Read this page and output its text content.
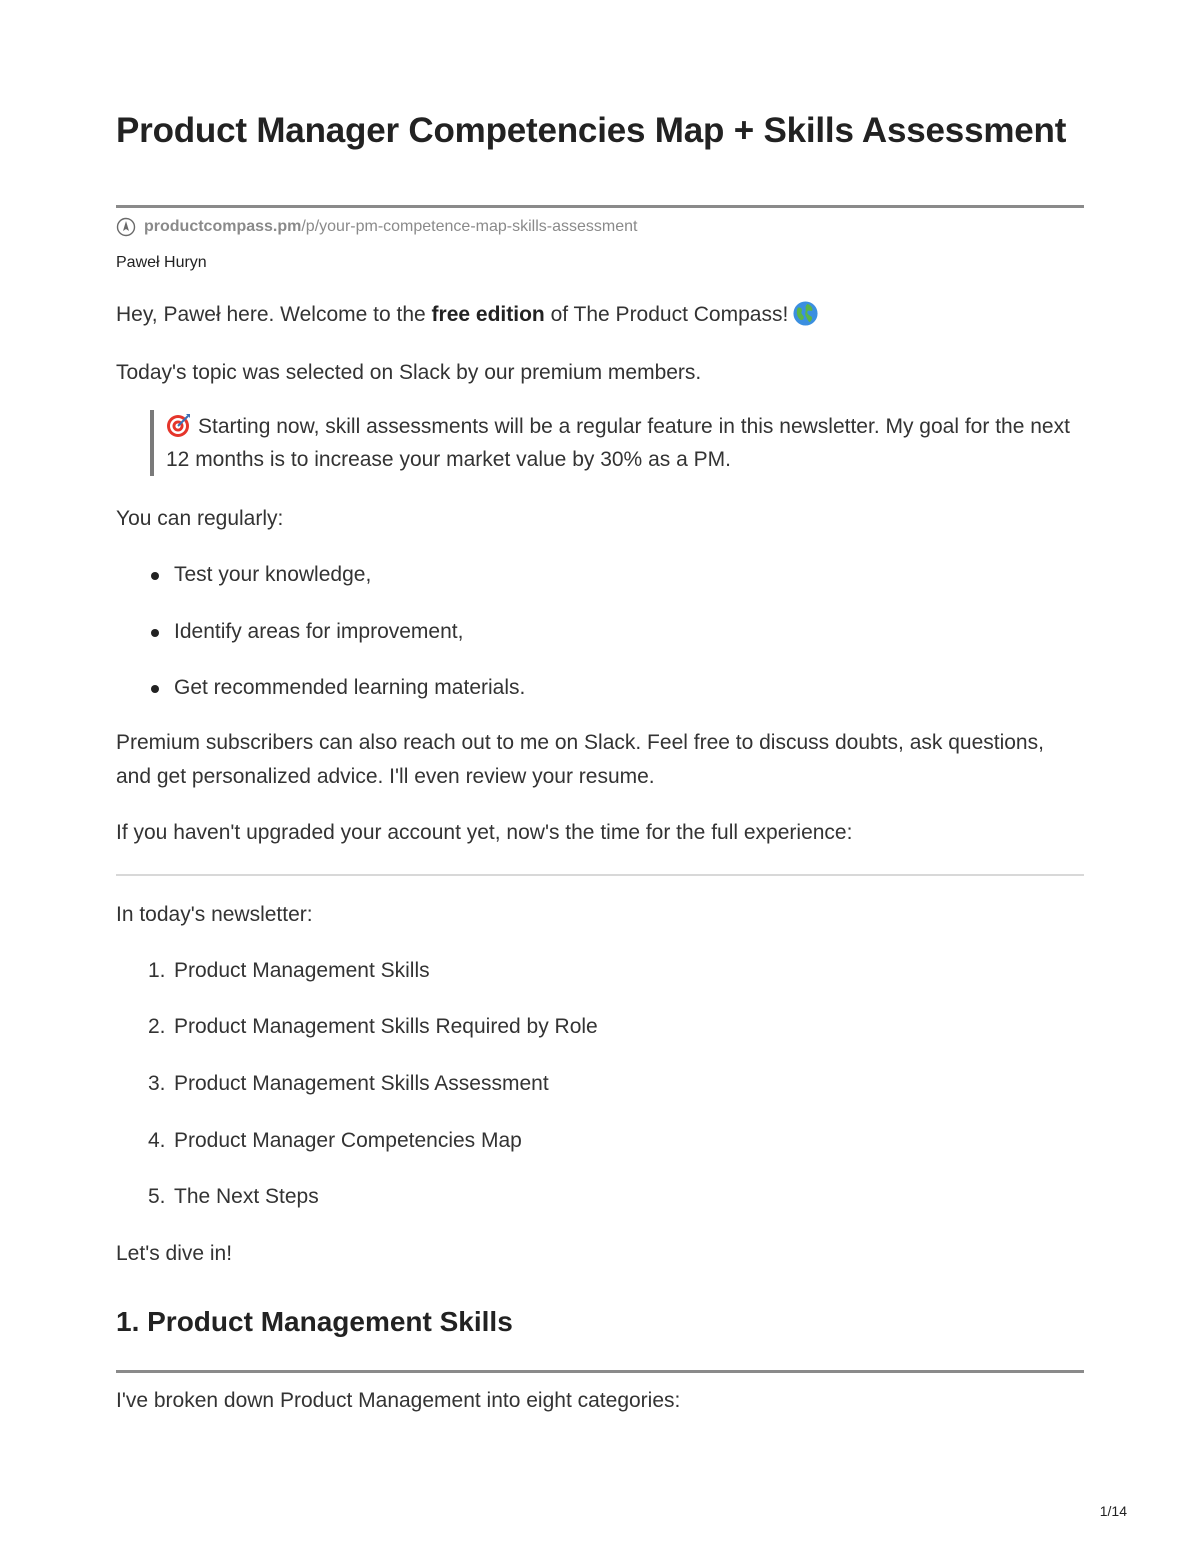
Product Manager Competencies Map + Skills Assessment
productcompass.pm /p/your-pm-competence-map-skills-assessment
Paweł Huryn

Hey, Paweł here. Welcome to the free edition of The Product Compass!

Today's topic was selected on Slack by our premium members.

Starting now, skill assessments will be a regular feature in this newsletter. My goal for the next 12 months is to increase your market value by 30% as a PM.

You can regularly:

Test your knowledge,
Identify areas for improvement,
Get recommended learning materials.

Premium subscribers can also reach out to me on Slack. Feel free to discuss doubts, ask questions, and get personalized advice. I'll even review your resume.

If you haven't upgraded your account yet, now's the time for the full experience:

In today's newsletter:

1. Product Management Skills
2. Product Management Skills Required by Role
3. Product Management Skills Assessment
4. Product Manager Competencies Map
5. The Next Steps

Let's dive in!

1. Product Management Skills

I've broken down Product Management into eight categories:

1/14
